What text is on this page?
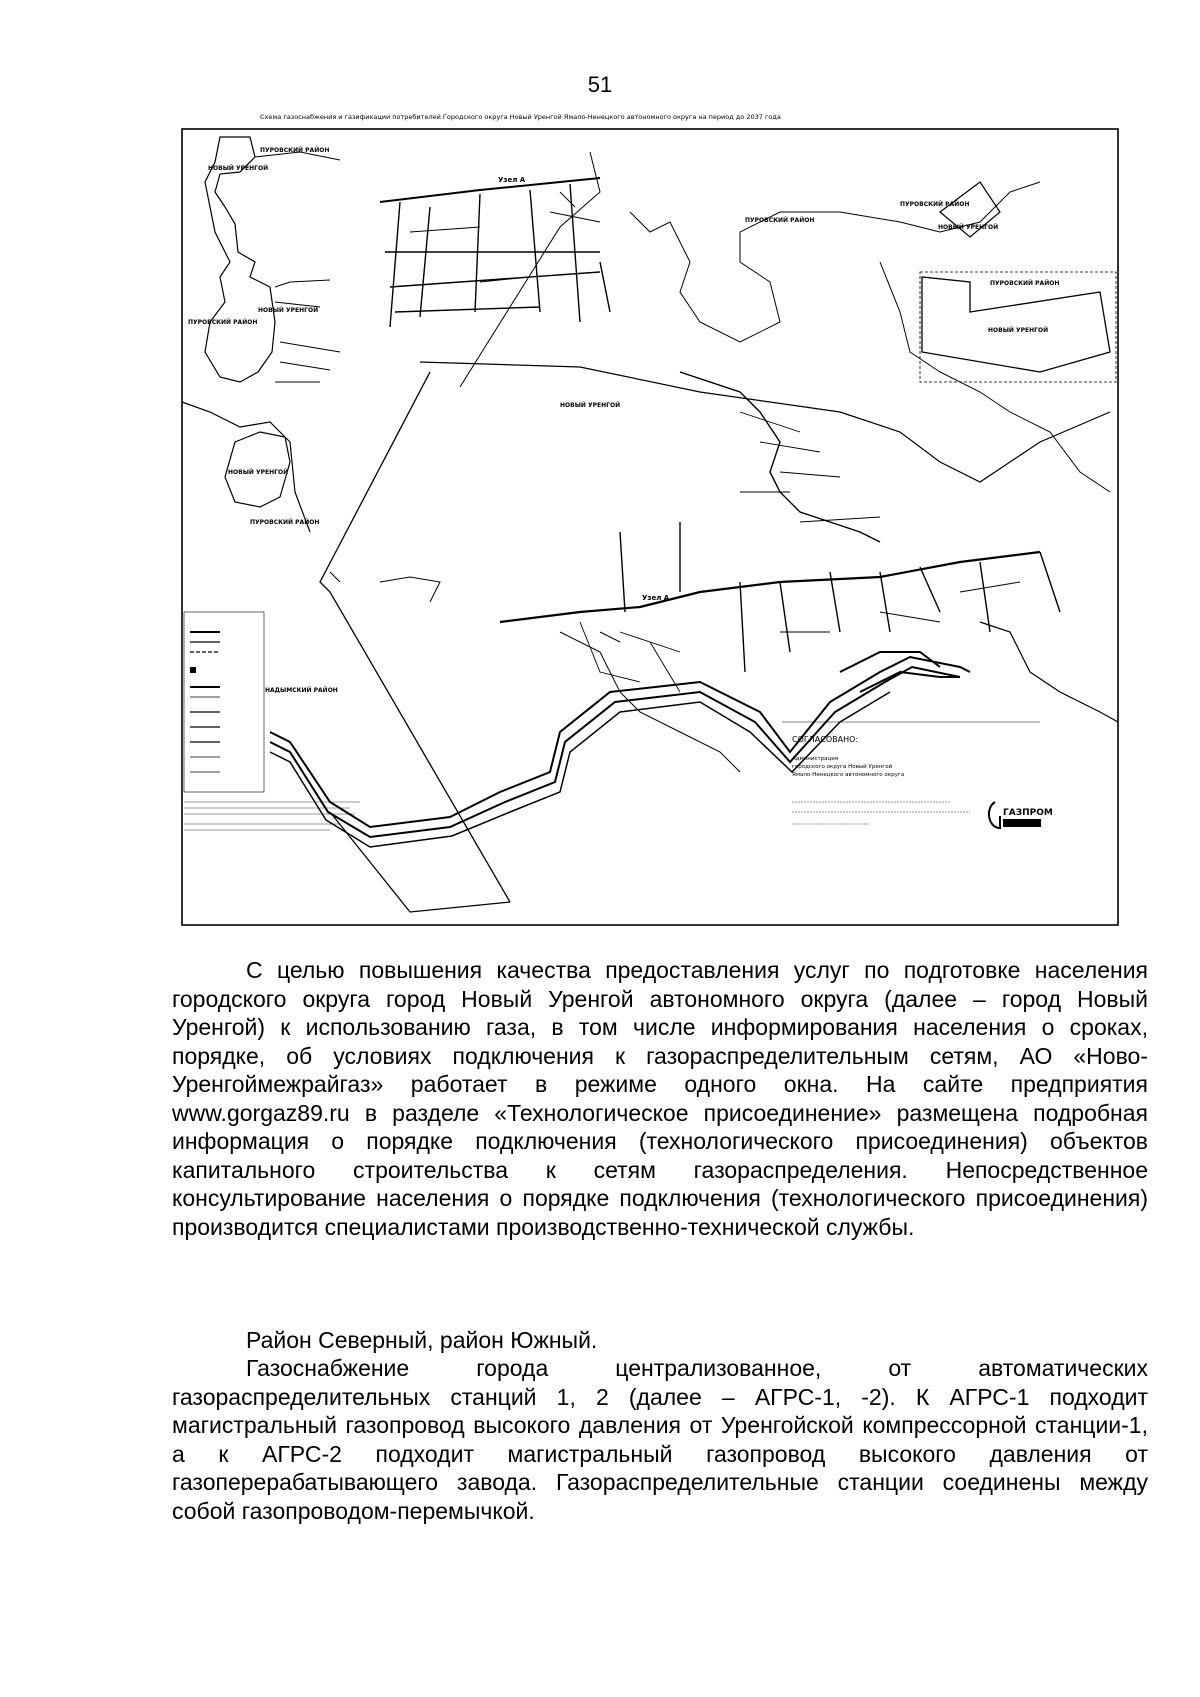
51
Схема газоснабжения и газификации потребителей Городского округа Новый Уренгой Ямало-Ненецкого автономного округа на период до 2037 года
ПУРОВСКИЙ РАЙОН
НОВЫЙ УРЕНГОЙ
ПУРОВСКИЙ РАЙОН
НОВЫЙ УРЕНГОЙ
НОВЫЙ УРЕНГОЙ
ПУРОВСКИЙ РАЙОН
НОВЫЙ УРЕНГОЙ
ПУРОВСКИЙ РАЙОН
ПУРОВСКИЙ РАЙОН
НОВЫЙ УРЕНГОЙ
ПУРОВСКИЙ РАЙОН
НОВЫЙ УРЕНГОЙ
Узел А
Узел А
НАДЫМСКИЙ РАЙОН
СОГЛАСОВАНО:
Администрация
городского округа Новый Уренгой
Ямало-Ненецкого автономного округа
ГАЗПРОМ

С целью повышения качества предоставления услуг по подготовке населения городского округа город Новый Уренгой автономного округа (далее – город Новый Уренгой) к использованию газа, в том числе информирования населения о сроках, порядке, об условиях подключения к газораспределительным сетям, АО «Ново-Уренгоймежрайгаз» работает в режиме одного окна. На сайте предприятия www.gorgaz89.ru в разделе «Технологическое присоединение» размещена подробная информация о порядке подключения (технологического присоединения) объектов капитального строительства к сетям газораспределения. Непосредственное консультирование населения о порядке подключения (технологического присоединения) производится специалистами производственно-технической службы.

Район Северный, район Южный.

Газоснабжение города централизованное, от автоматических газораспределительных станций 1, 2 (далее – АГРС-1, -2). К АГРС-1 подходит магистральный газопровод высокого давления от Уренгойской компрессорной станции-1, а к АГРС-2 подходит магистральный газопровод высокого давления от газоперерабатывающего завода. Газораспределительные станции соединены между собой газопроводом-перемычкой.
